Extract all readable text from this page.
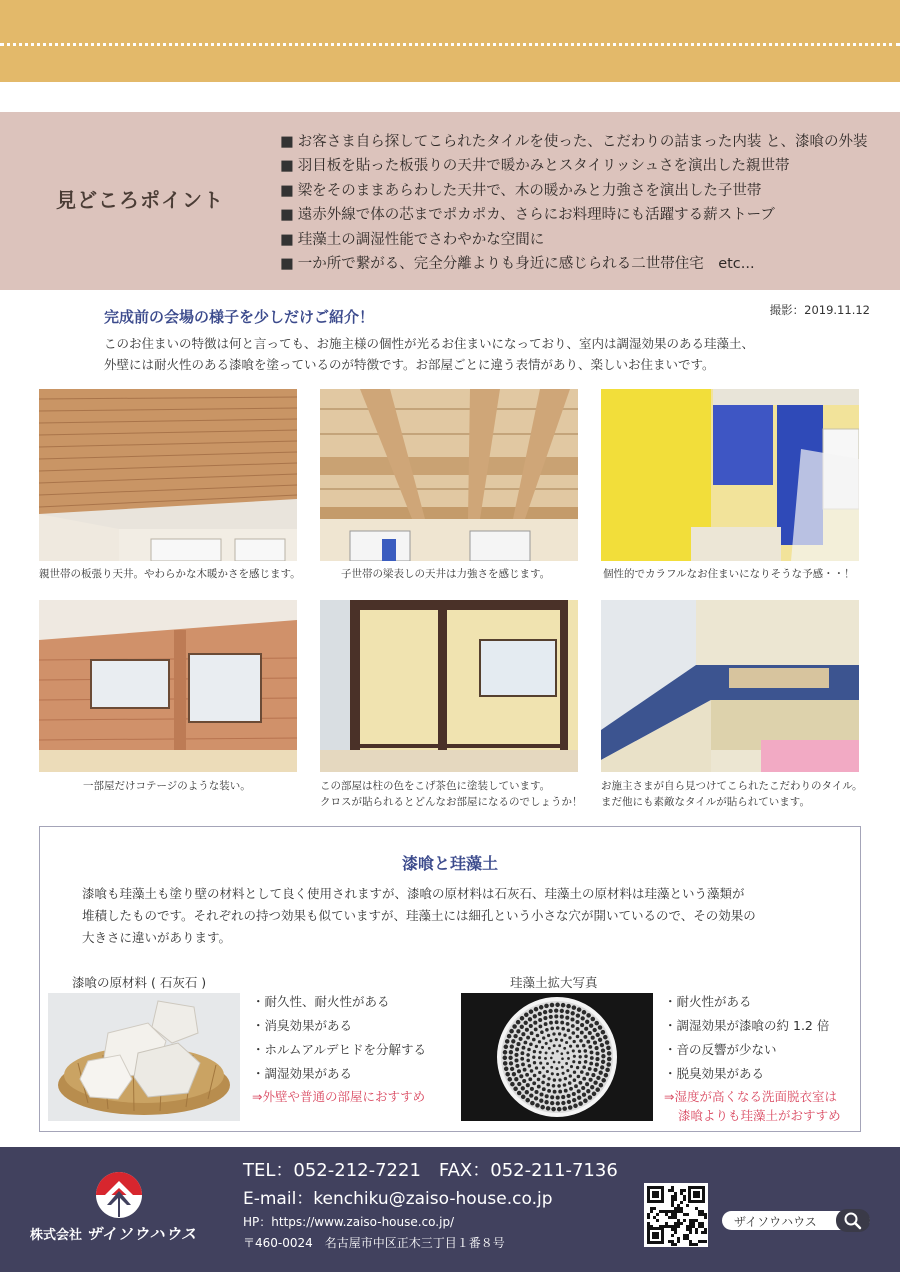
見どころポイント
■ お客さま自ら探してこられたタイルを使った、こだわりの詰まった内装 と、漆喰の外装
■ 羽目板を貼った板張りの天井で暖かみとスタイリッシュさを演出した親世帯
■ 梁をそのままあらわした天井で、木の暖かみと力強さを演出した子世帯
■ 遠赤外線で体の芯までポカポカ、さらにお料理時にも活躍する薪ストーブ
■ 珪藻土の調湿性能でさわやかな空間に
■ 一か所で繋がる、完全分離よりも身近に感じられる二世帯住宅　etc...
完成前の会場の様子を少しだけご紹介！	撮影：2019.11.12
このお住まいの特徴は何と言っても、お施主様の個性が光るお住まいになっており、室内は調湿効果のある珪藻土、
外壁には耐火性のある漆喰を塗っているのが特徴です。お部屋ごとに違う表情があり、楽しいお住まいです。
親世帯の板張り天井。やわらかな木暖かさを感じます。	子世帯の梁表しの天井は力強さを感じます。	個性的でカラフルなお住まいになりそうな予感・・！
一部屋だけコテージのような装い。	この部屋は柱の色をこげ茶色に塗装しています。
クロスが貼られるとどんなお部屋になるのでしょうか！
お施主さまが自ら見つけてこられたこだわりのタイル。
まだ他にも素敵なタイルが貼られています。
漆喰と珪藻土
漆喰も珪藻土も塗り壁の材料として良く使用されますが、漆喰の原材料は石灰石、珪藻土の原材料は珪藻という藻類が
堆積したものです。それぞれの持つ効果も似ていますが、珪藻土には細孔という小さな穴が開いているので、その効果の
大きさに違いがあります。
漆喰の原材料 ( 石灰石 )
・ 耐久性、耐火性がある
・ 消臭効果がある
・ ホルムアルデヒドを分解する
・ 調湿効果がある
⇒外壁や普通の部屋におすすめ
珪藻土拡大写真
・ 耐火性がある
・ 調湿効果が漆喰の約 1.2 倍
・ 音の反響が少ない
・ 脱臭効果がある
⇒湿度が高くなる洗面脱衣室は
漆喰よりも珪藻土がおすすめ
株式会社 ザイソウハウス
TEL：052-212-7221　FAX：052-211-7136
E-mail：kenchiku@zaiso-house.co.jp
HP：https://www.zaiso-house.co.jp/
〒460-0024　名古屋市中区正木三丁目１番８号
ザイソウハウス
